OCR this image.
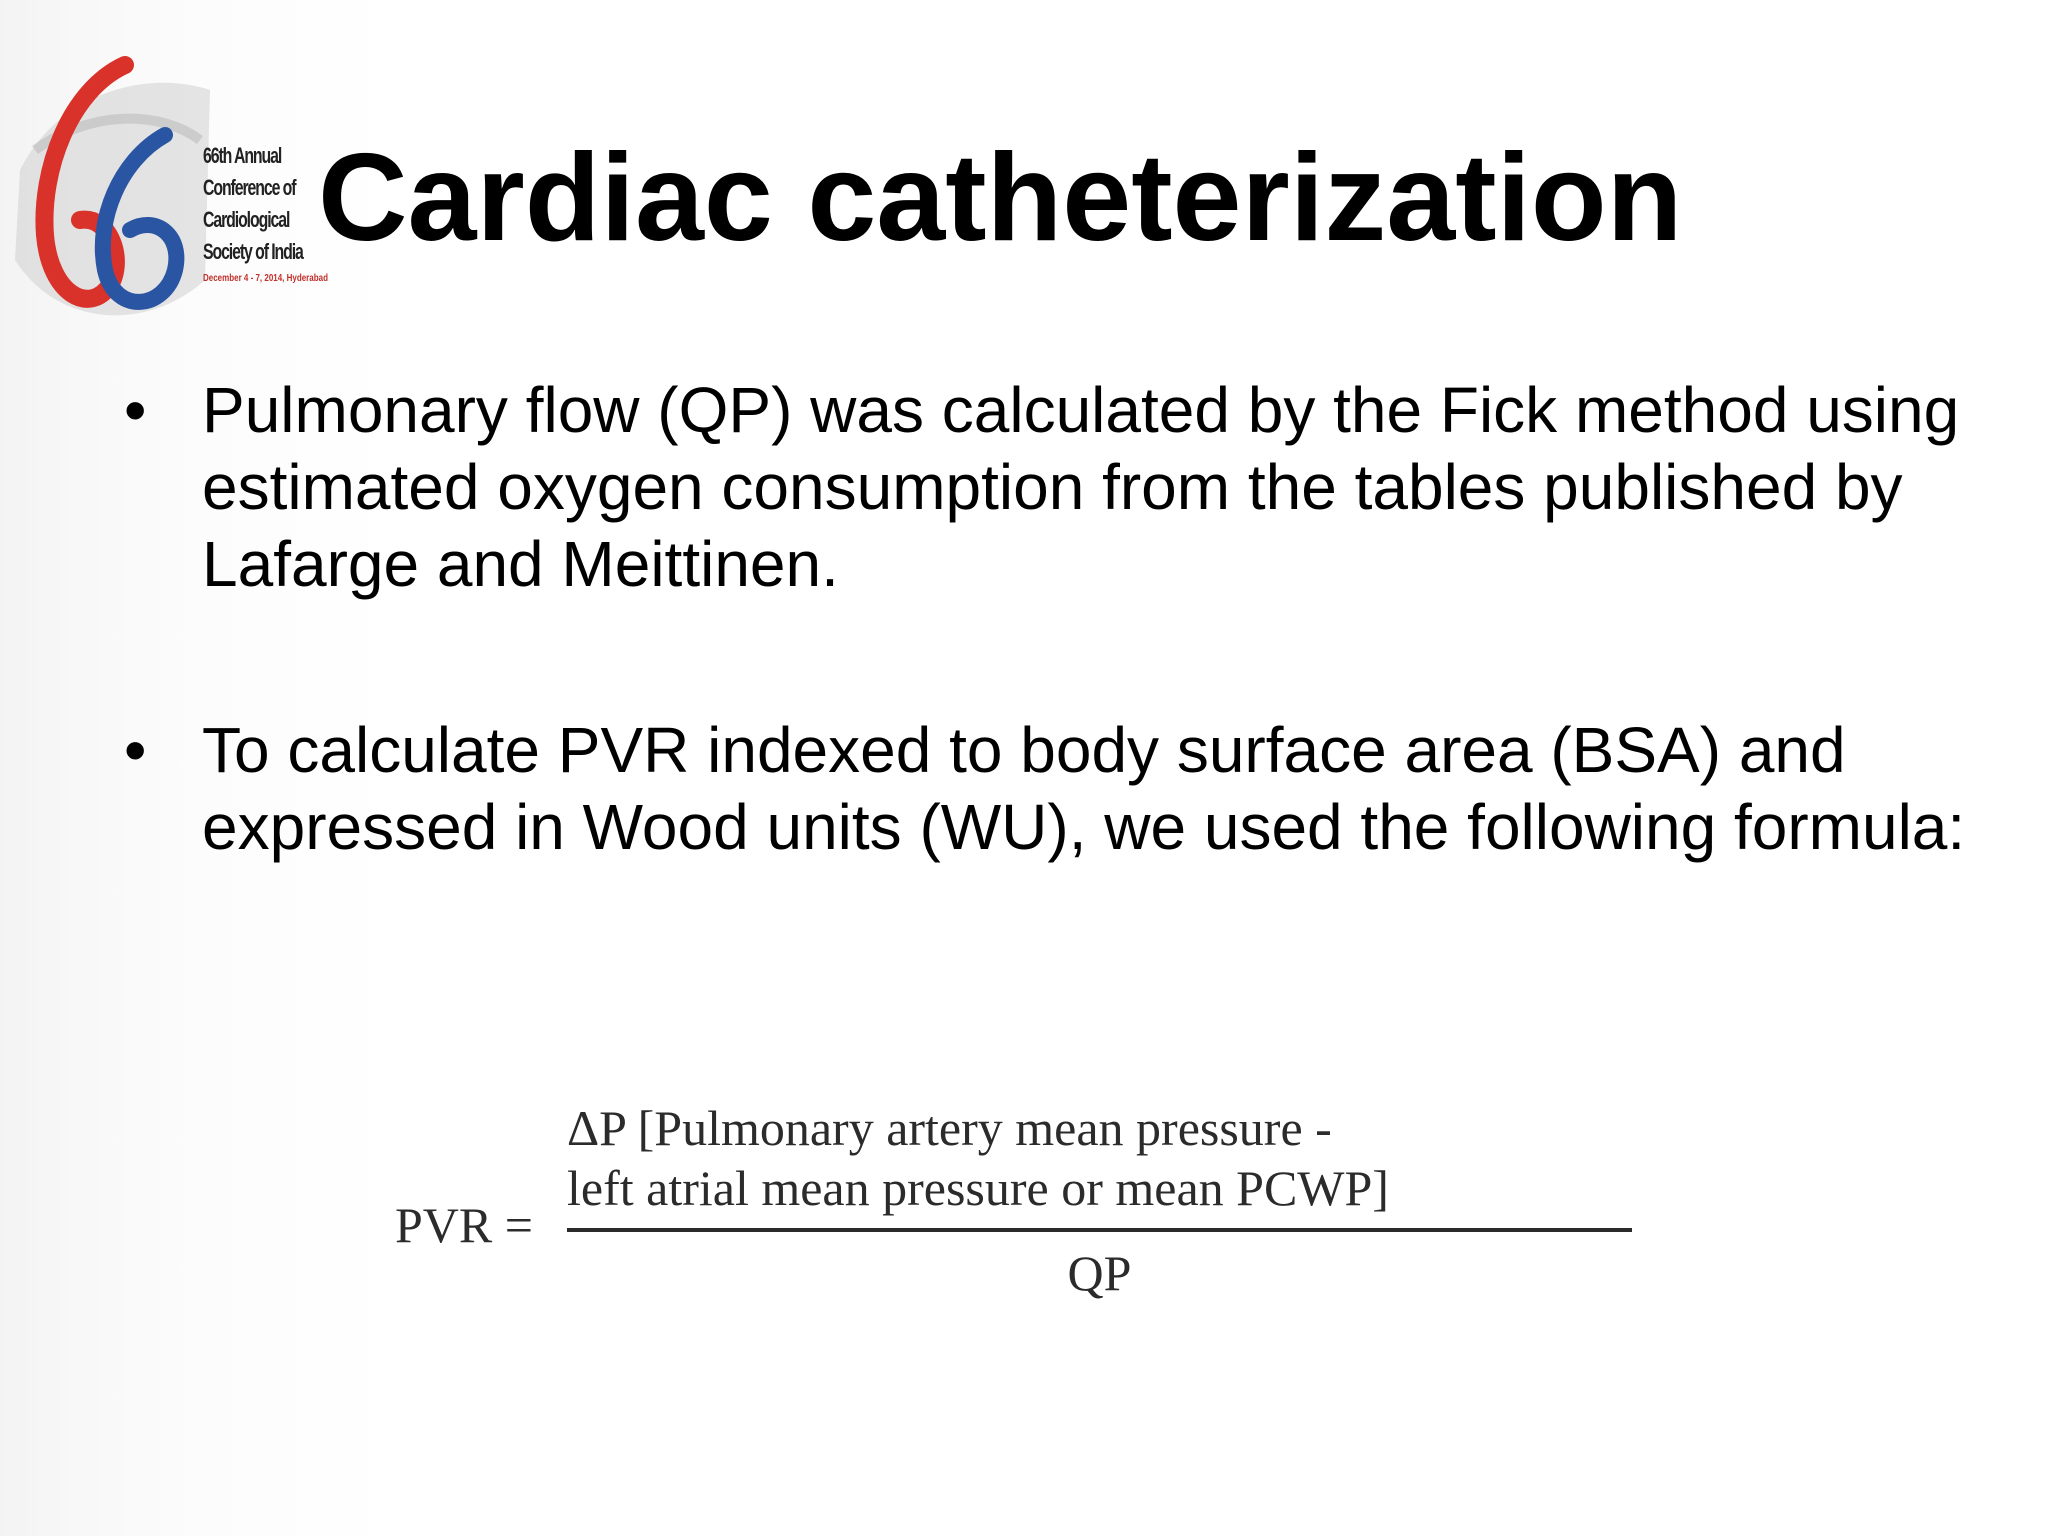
66th Annual
Conference of
Cardiological
Society of India
December 4 - 7, 2014, Hyderabad
Cardiac catheterization
• Pulmonary flow (QP) was calculated by the Fick method using estimated oxygen consumption from the tables published by Lafarge and Meittinen.
• To calculate PVR indexed to body surface area (BSA) and expressed in Wood units (WU), we used the following formula:
PVR =
ΔP [Pulmonary artery mean pressure -
left atrial mean pressure or mean PCWP]
QP
